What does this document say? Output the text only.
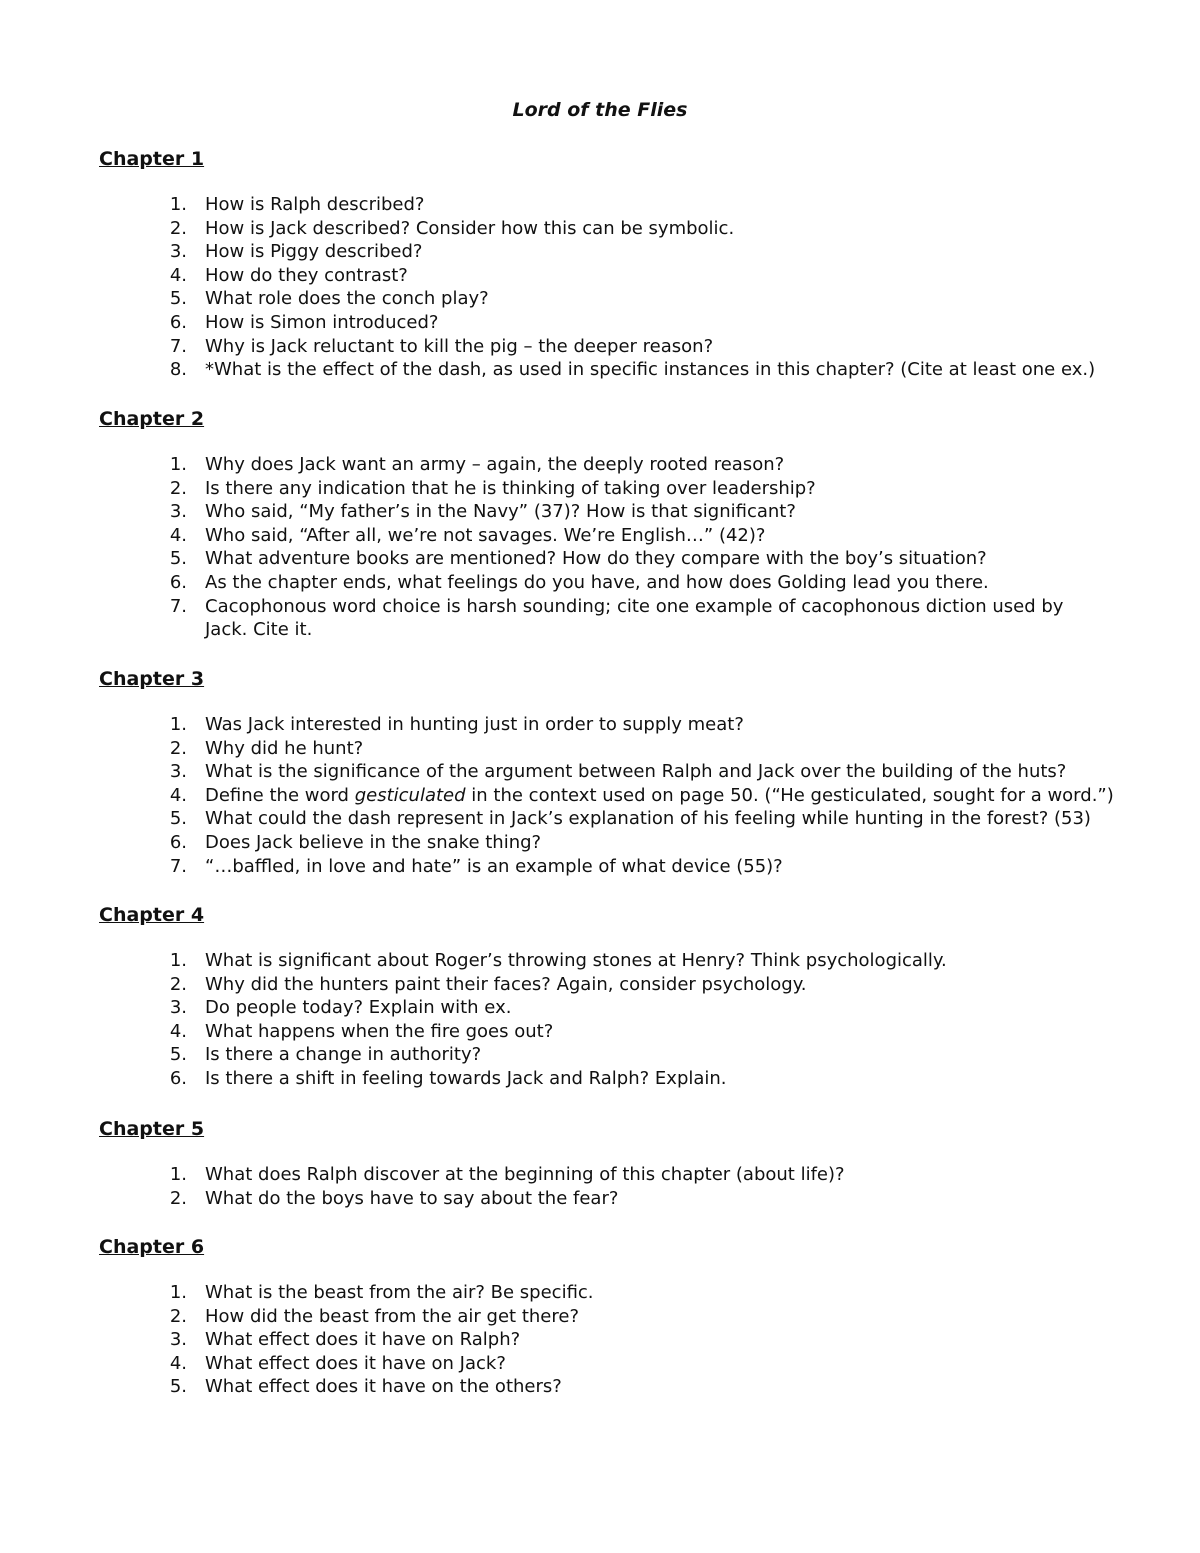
Lord of the Flies
Chapter 1
1. How is Ralph described?
2. How is Jack described? Consider how this can be symbolic.
3. How is Piggy described?
4. How do they contrast?
5. What role does the conch play?
6. How is Simon introduced?
7. Why is Jack reluctant to kill the pig – the deeper reason?
8. *What is the effect of the dash, as used in specific instances in this chapter? (Cite at least one ex.)
Chapter 2
1. Why does Jack want an army – again, the deeply rooted reason?
2. Is there any indication that he is thinking of taking over leadership?
3. Who said, “My father’s in the Navy” (37)? How is that significant?
4. Who said, “After all, we’re not savages. We’re English…” (42)?
5. What adventure books are mentioned? How do they compare with the boy’s situation?
6. As the chapter ends, what feelings do you have, and how does Golding lead you there.
7. Cacophonous word choice is harsh sounding; cite one example of cacophonous diction used by Jack. Cite it.
Chapter 3
1. Was Jack interested in hunting just in order to supply meat?
2. Why did he hunt?
3. What is the significance of the argument between Ralph and Jack over the building of the huts?
4. Define the word gesticulated in the context used on page 50. (“He gesticulated, sought for a word.”)
5. What could the dash represent in Jack’s explanation of his feeling while hunting in the forest? (53)
6. Does Jack believe in the snake thing?
7. “…baffled, in love and hate” is an example of what device (55)?
Chapter 4
1. What is significant about Roger’s throwing stones at Henry? Think psychologically.
2. Why did the hunters paint their faces? Again, consider psychology.
3. Do people today? Explain with ex.
4. What happens when the fire goes out?
5. Is there a change in authority?
6. Is there a shift in feeling towards Jack and Ralph? Explain.
Chapter 5
1. What does Ralph discover at the beginning of this chapter (about life)?
2. What do the boys have to say about the fear?
Chapter 6
1. What is the beast from the air? Be specific.
2. How did the beast from the air get there?
3. What effect does it have on Ralph?
4. What effect does it have on Jack?
5. What effect does it have on the others?
